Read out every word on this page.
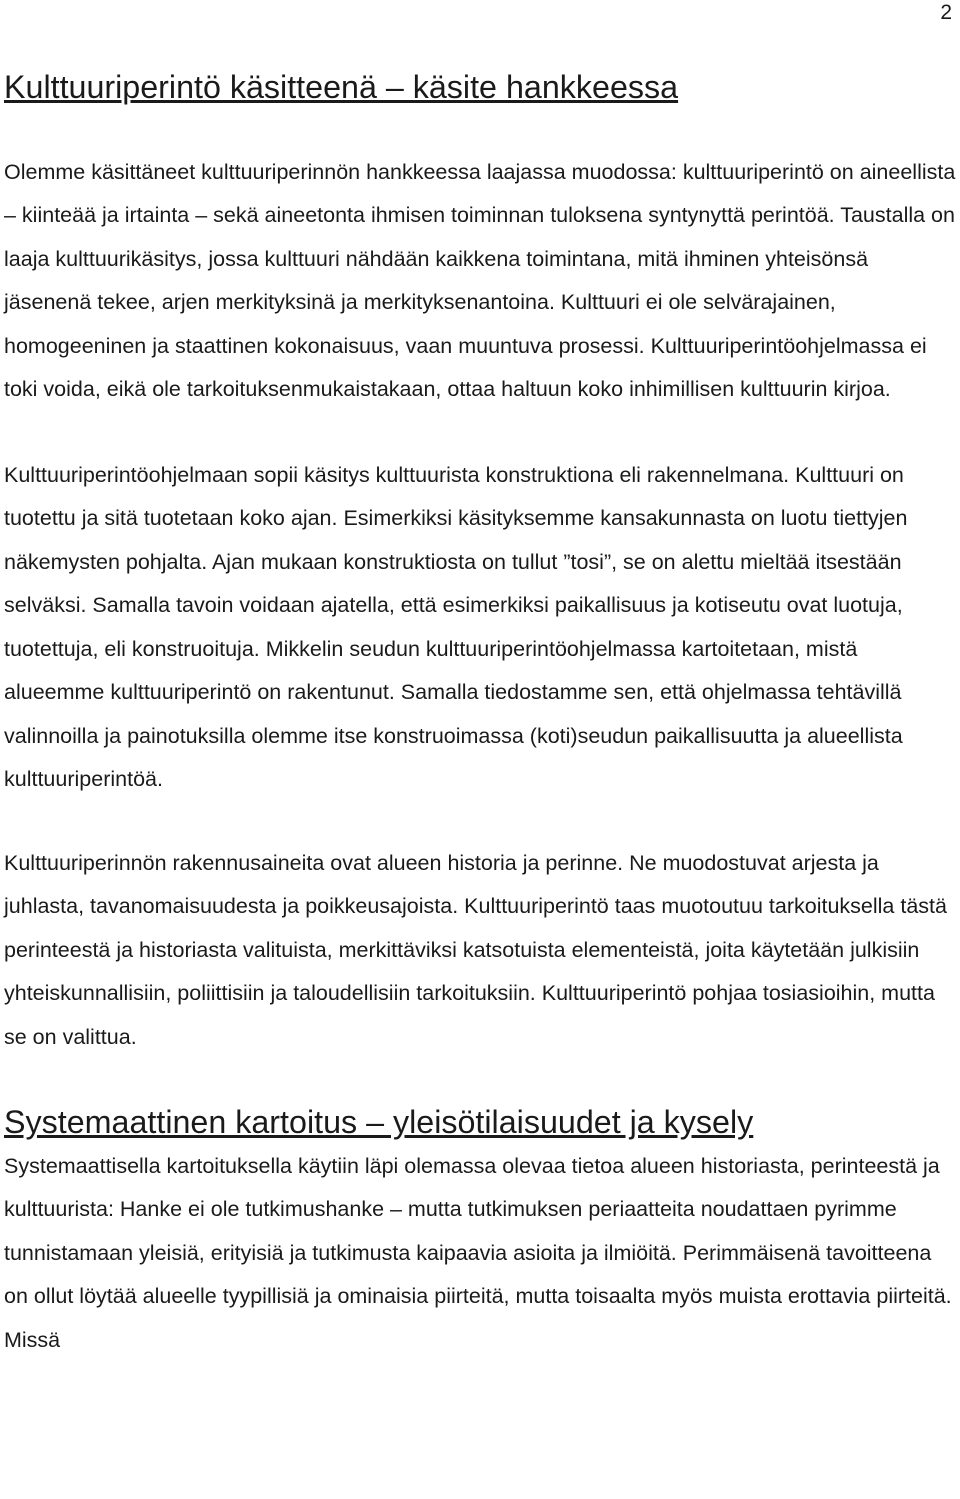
2
Kulttuuriperintö käsitteenä – käsite hankkeessa

Olemme käsittäneet kulttuuriperinnön hankkeessa laajassa muodossa: kulttuuriperintö on aineellista – kiinteää ja irtainta – sekä aineetonta ihmisen toiminnan tuloksena syntynyttä perintöä. Taustalla on laaja kulttuurikäsitys, jossa kulttuuri nähdään kaikkena toimintana, mitä ihminen yhteisönsä jäsenenä tekee, arjen merkityksinä ja merkityksenantoina. Kulttuuri ei ole selvärajainen, homogeeninen ja staattinen kokonaisuus, vaan muuntuva prosessi. Kulttuuriperintöohjelmassa ei toki voida, eikä ole tarkoituksenmukaistakaan, ottaa haltuun koko inhimillisen kulttuurin kirjoa.

Kulttuuriperintöohjelmaan sopii käsitys kulttuurista konstruktiona eli rakennelmana. Kulttuuri on tuotettu ja sitä tuotetaan koko ajan. Esimerkiksi käsityksemme kansakunnasta on luotu tiettyjen näkemysten pohjalta. Ajan mukaan konstruktiosta on tullut ”tosi”, se on alettu mieltää itsestään selväksi. Samalla tavoin voidaan ajatella, että esimerkiksi paikallisuus ja kotiseutu ovat luotuja, tuotettuja, eli konstruoituja. Mikkelin seudun kulttuuriperintöohjelmassa kartoitetaan, mistä alueemme kulttuuriperintö on rakentunut. Samalla tiedostamme sen, että ohjelmassa tehtävillä valinnoilla ja painotuksilla olemme itse konstruoimassa (koti)seudun paikallisuutta ja alueellista kulttuuriperintöä.

Kulttuuriperinnön rakennusaineita ovat alueen historia ja perinne. Ne muodostuvat arjesta ja juhlasta, tavanomaisuudesta ja poikkeusajoista. Kulttuuriperintö taas muotoutuu tarkoituksella tästä perinteestä ja historiasta valituista, merkittäviksi katsotuista elementeistä, joita käytetään julkisiin yhteiskunnallisiin, poliittisiin ja taloudellisiin tarkoituksiin. Kulttuuriperintö pohjaa tosiasioihin, mutta se on valittua.

Systemaattinen kartoitus – yleisötilaisuudet ja kysely

Systemaattisella kartoituksella käytiin läpi olemassa olevaa tietoa alueen historiasta, perinteestä ja kulttuurista: Hanke ei ole tutkimushanke – mutta tutkimuksen periaatteita noudattaen pyrimme tunnistamaan yleisiä, erityisiä ja tutkimusta kaipaavia asioita ja ilmiöitä. Perimmäisenä tavoitteena on ollut löytää alueelle tyypillisiä ja ominaisia piirteitä, mutta toisaalta myös muista erottavia piirteitä. Missä
